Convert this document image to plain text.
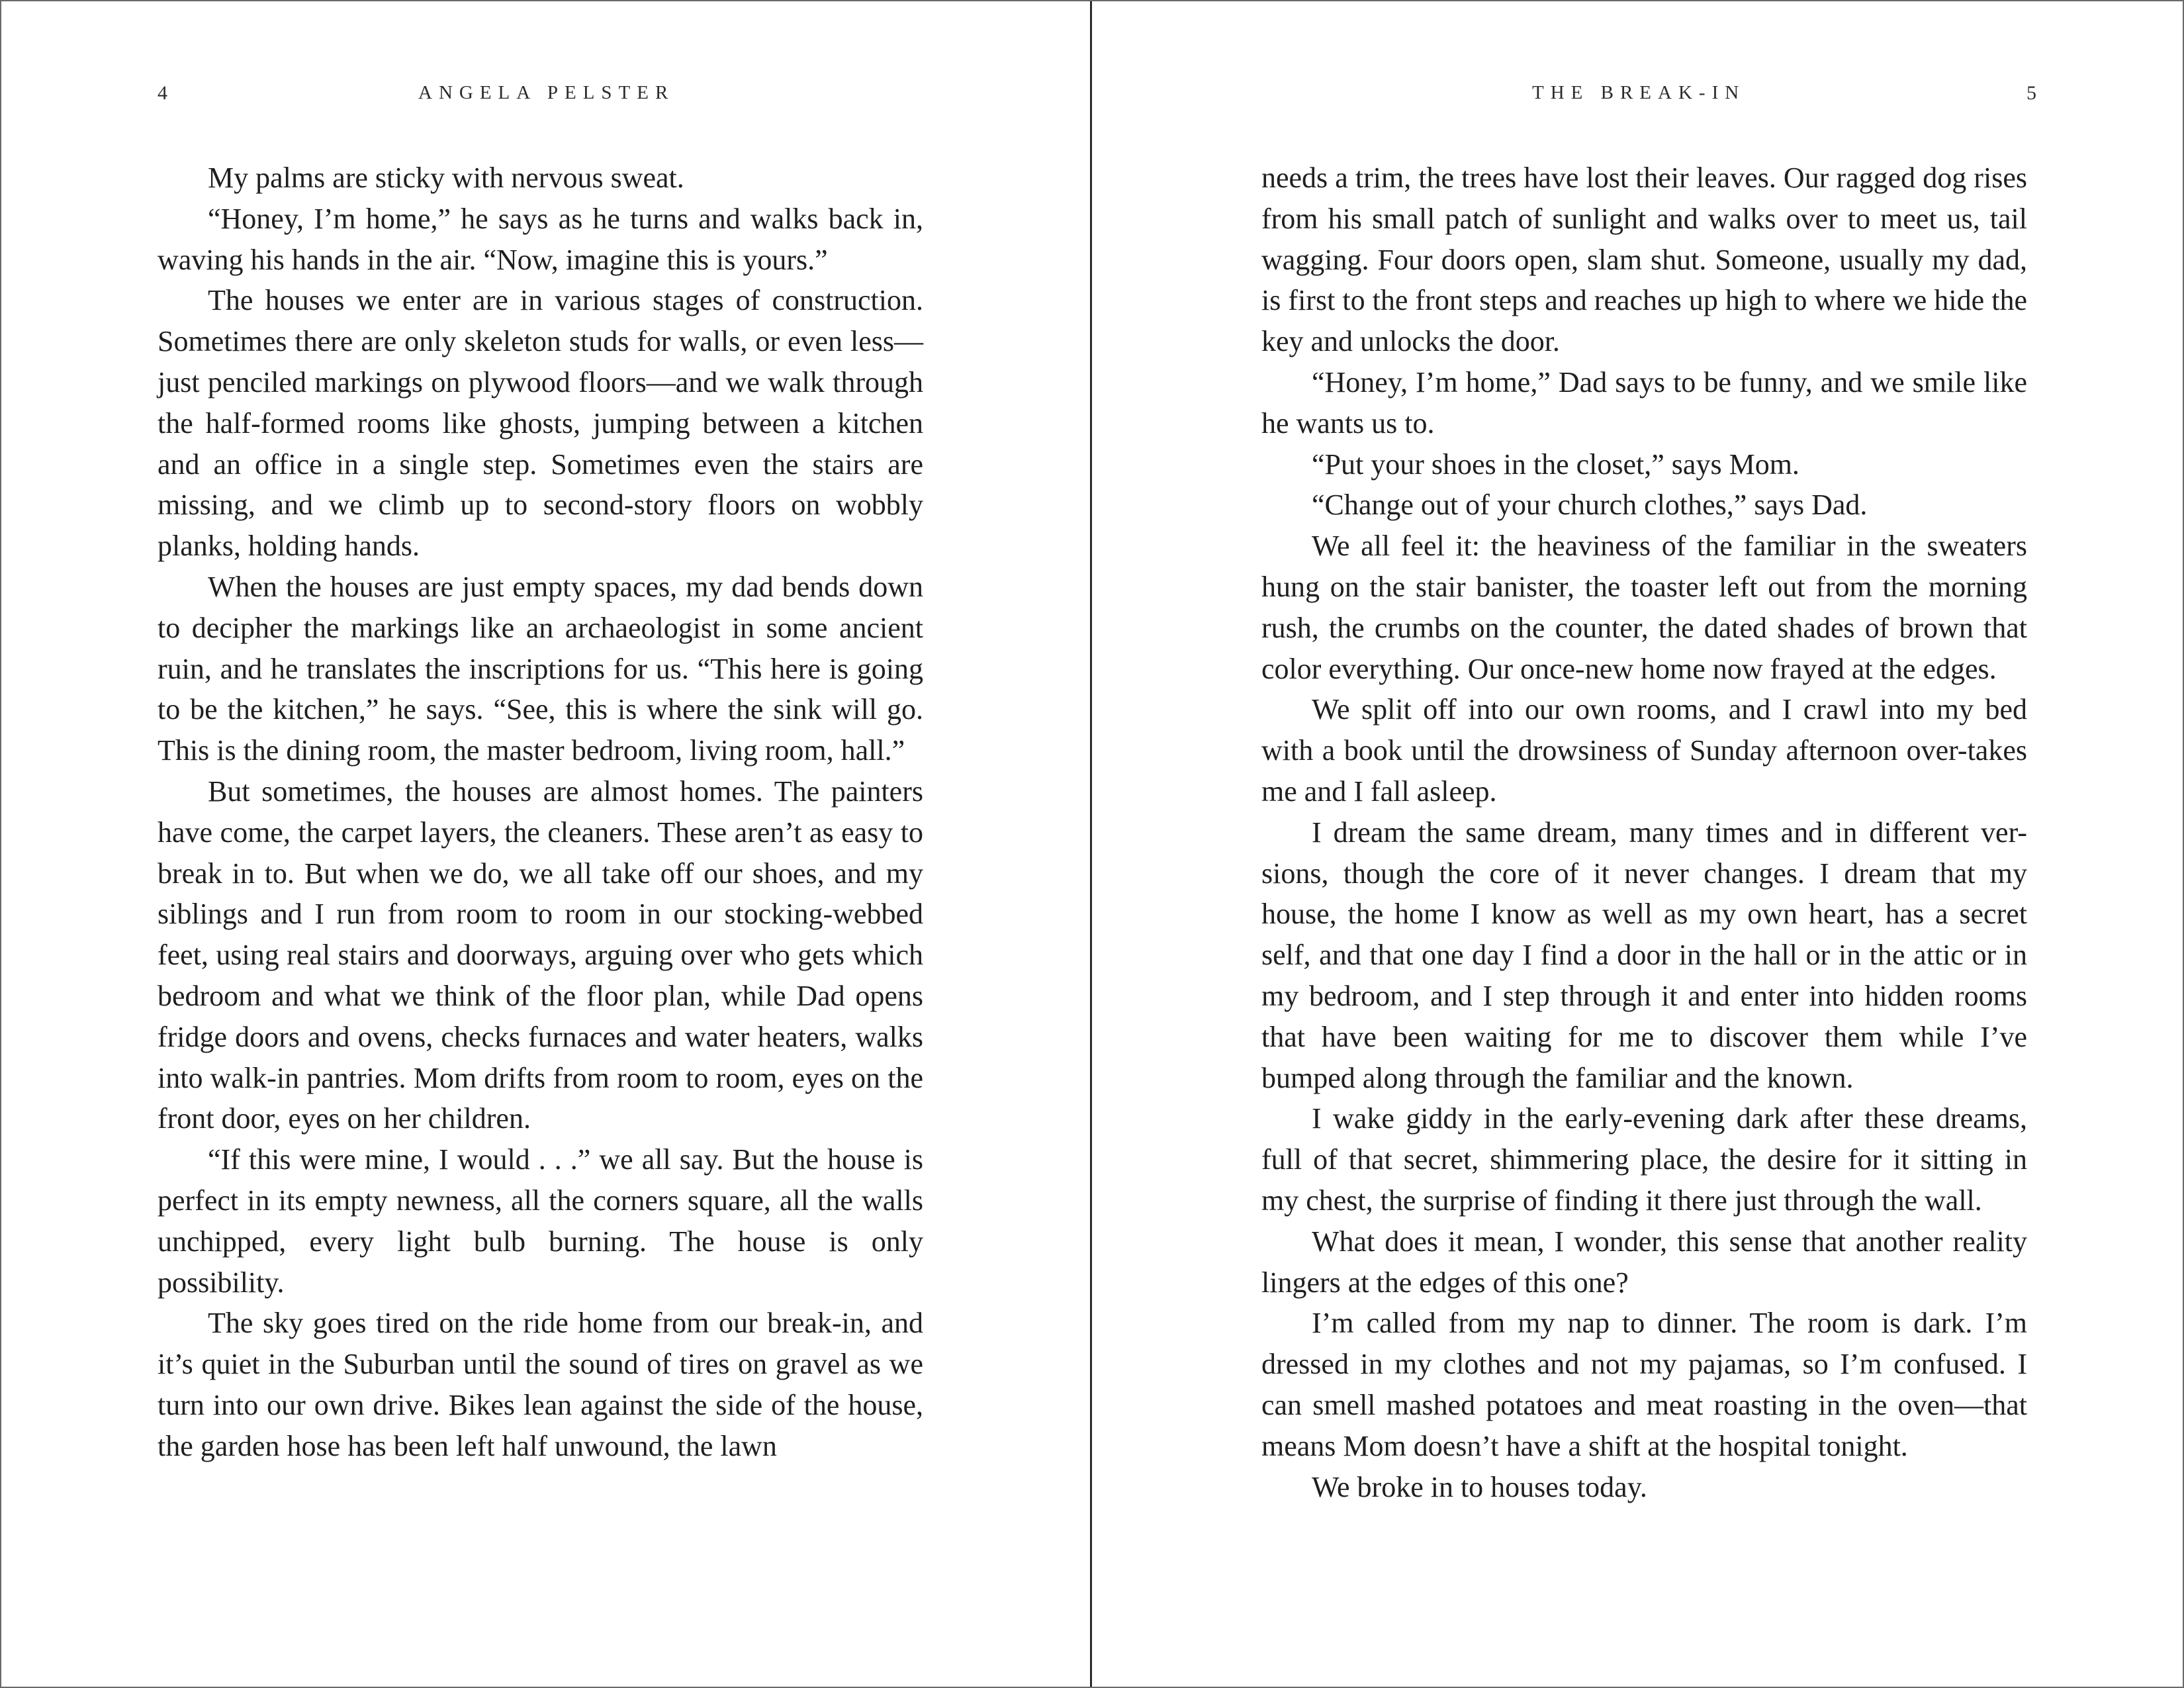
4	ANGELA PELSTER

My palms are sticky with nervous sweat.

“Honey, I’m home,” he says as he turns and walks back in, waving his hands in the air. “Now, imagine this is yours.”

The houses we enter are in various stages of construction. Sometimes there are only skeleton studs for walls, or even less—just penciled markings on plywood floors—and we walk through the half-formed rooms like ghosts, jumping between a kitchen and an office in a single step. Sometimes even the stairs are missing, and we climb up to second-story floors on wobbly planks, holding hands.

When the houses are just empty spaces, my dad bends down to decipher the markings like an archaeologist in some ancient ruin, and he translates the inscriptions for us. “This here is going to be the kitchen,” he says. “See, this is where the sink will go. This is the dining room, the master bedroom, living room, hall.”

But sometimes, the houses are almost homes. The painters have come, the carpet layers, the cleaners. These aren’t as easy to break in to. But when we do, we all take off our shoes, and my siblings and I run from room to room in our stocking-webbed feet, using real stairs and doorways, arguing over who gets which bedroom and what we think of the floor plan, while Dad opens fridge doors and ovens, checks furnaces and water heaters, walks into walk-in pantries. Mom drifts from room to room, eyes on the front door, eyes on her children.

“If this were mine, I would . . .” we all say. But the house is perfect in its empty newness, all the corners square, all the walls unchipped, every light bulb burning. The house is only possibility.

The sky goes tired on the ride home from our break-in, and it’s quiet in the Suburban until the sound of tires on gravel as we turn into our own drive. Bikes lean against the side of the house, the garden hose has been left half unwound, the lawn

THE BREAK-IN	5

needs a trim, the trees have lost their leaves. Our ragged dog rises from his small patch of sunlight and walks over to meet us, tail wagging. Four doors open, slam shut. Someone, usually my dad, is first to the front steps and reaches up high to where we hide the key and unlocks the door.

“Honey, I’m home,” Dad says to be funny, and we smile like he wants us to.

“Put your shoes in the closet,” says Mom.

“Change out of your church clothes,” says Dad.

We all feel it: the heaviness of the familiar in the sweaters hung on the stair banister, the toaster left out from the morning rush, the crumbs on the counter, the dated shades of brown that color everything. Our once-new home now frayed at the edges.

We split off into our own rooms, and I crawl into my bed with a book until the drowsiness of Sunday afternoon over-takes me and I fall asleep.

I dream the same dream, many times and in different ver-sions, though the core of it never changes. I dream that my house, the home I know as well as my own heart, has a secret self, and that one day I find a door in the hall or in the attic or in my bedroom, and I step through it and enter into hidden rooms that have been waiting for me to discover them while I’ve bumped along through the familiar and the known.

I wake giddy in the early-evening dark after these dreams, full of that secret, shimmering place, the desire for it sitting in my chest, the surprise of finding it there just through the wall.

What does it mean, I wonder, this sense that another reality lingers at the edges of this one?

I’m called from my nap to dinner. The room is dark. I’m dressed in my clothes and not my pajamas, so I’m confused. I can smell mashed potatoes and meat roasting in the oven—that means Mom doesn’t have a shift at the hospital tonight.

We broke in to houses today.
